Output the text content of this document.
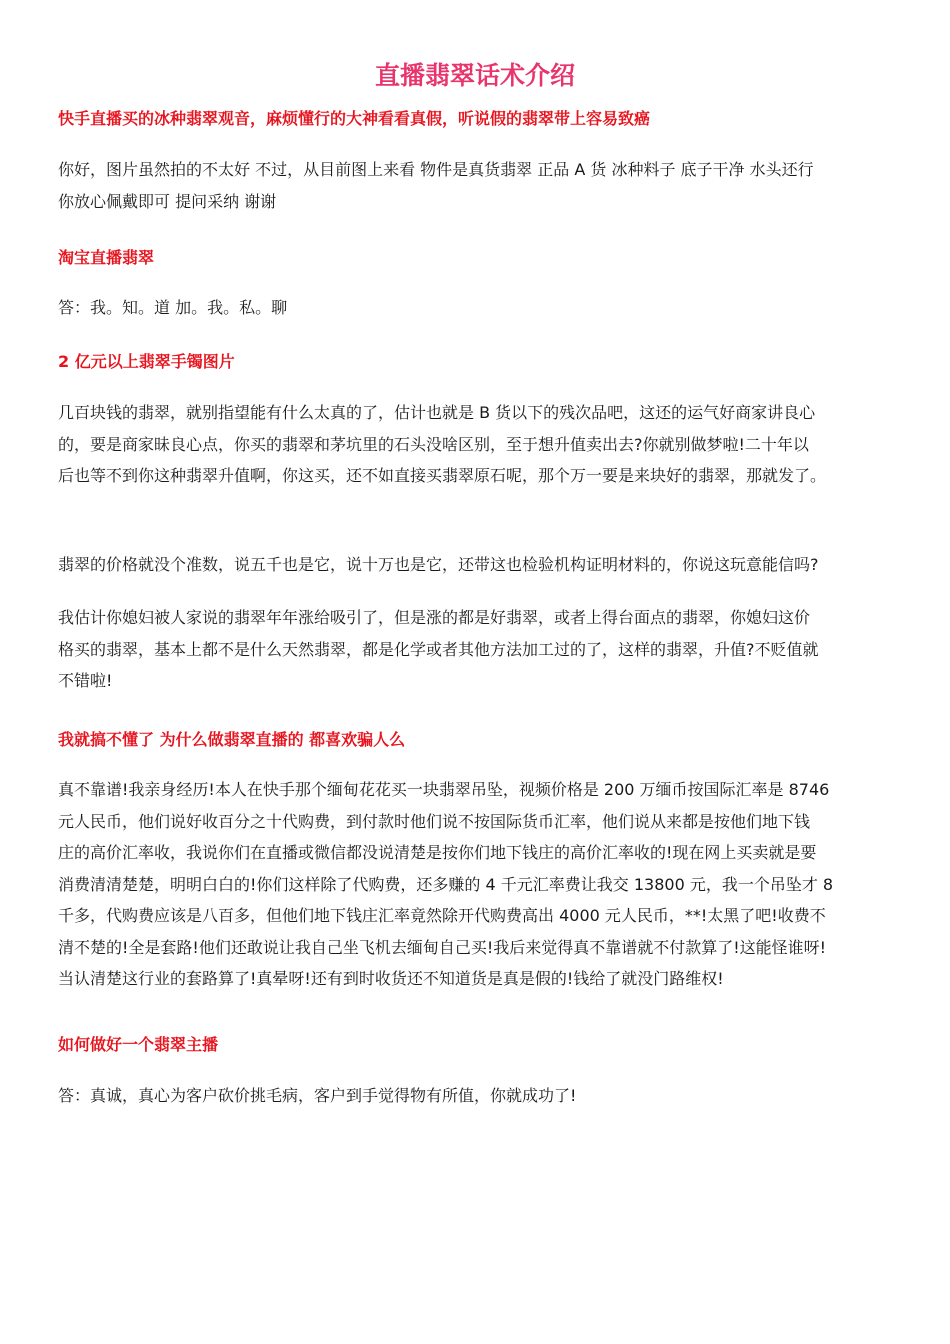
直播翡翠话术介绍
快手直播买的冰种翡翠观音，麻烦懂行的大神看看真假，听说假的翡翠带上容易致癌

你好，图片虽然拍的不太好 不过，从目前图上来看 物件是真货翡翠 正品 A 货 冰种料子 底子干净 水头还行
你放心佩戴即可 提问采纳 谢谢

淘宝直播翡翠

答：我。知。道 加。我。私。聊

2 亿元以上翡翠手镯图片

几百块钱的翡翠，就别指望能有什么太真的了，估计也就是 B 货以下的残次品吧，这还的运气好商家讲良心
的，要是商家昧良心点，你买的翡翠和茅坑里的石头没啥区别，至于想升值卖出去?你就别做梦啦!二十年以
后也等不到你这种翡翠升值啊，你这买，还不如直接买翡翠原石呢，那个万一要是来块好的翡翠，那就发了。

翡翠的价格就没个准数，说五千也是它，说十万也是它，还带这也检验机构证明材料的，你说这玩意能信吗?

我估计你媳妇被人家说的翡翠年年涨给吸引了，但是涨的都是好翡翠，或者上得台面点的翡翠，你媳妇这价
格买的翡翠，基本上都不是什么天然翡翠，都是化学或者其他方法加工过的了，这样的翡翠，升值?不贬值就
不错啦!

我就搞不懂了 为什么做翡翠直播的 都喜欢骗人么

真不靠谱!我亲身经历!本人在快手那个缅甸花花买一块翡翠吊坠，视频价格是 200 万缅币按国际汇率是 8746
元人民币，他们说好收百分之十代购费，到付款时他们说不按国际货币汇率，他们说从来都是按他们地下钱
庄的高价汇率收，我说你们在直播或微信都没说清楚是按你们地下钱庄的高价汇率收的!现在网上买卖就是要
消费清清楚楚，明明白白的!你们这样除了代购费，还多赚的 4 千元汇率费让我交 13800 元，我一个吊坠才 8
千多，代购费应该是八百多，但他们地下钱庄汇率竟然除开代购费高出 4000 元人民币，**!太黑了吧!收费不
清不楚的!全是套路!他们还敢说让我自己坐飞机去缅甸自己买!我后来觉得真不靠谱就不付款算了!这能怪谁呀!
当认清楚这行业的套路算了!真晕呀!还有到时收货还不知道货是真是假的!钱给了就没门路维权!

如何做好一个翡翠主播

答：真诚，真心为客户砍价挑毛病，客户到手觉得物有所值，你就成功了!
